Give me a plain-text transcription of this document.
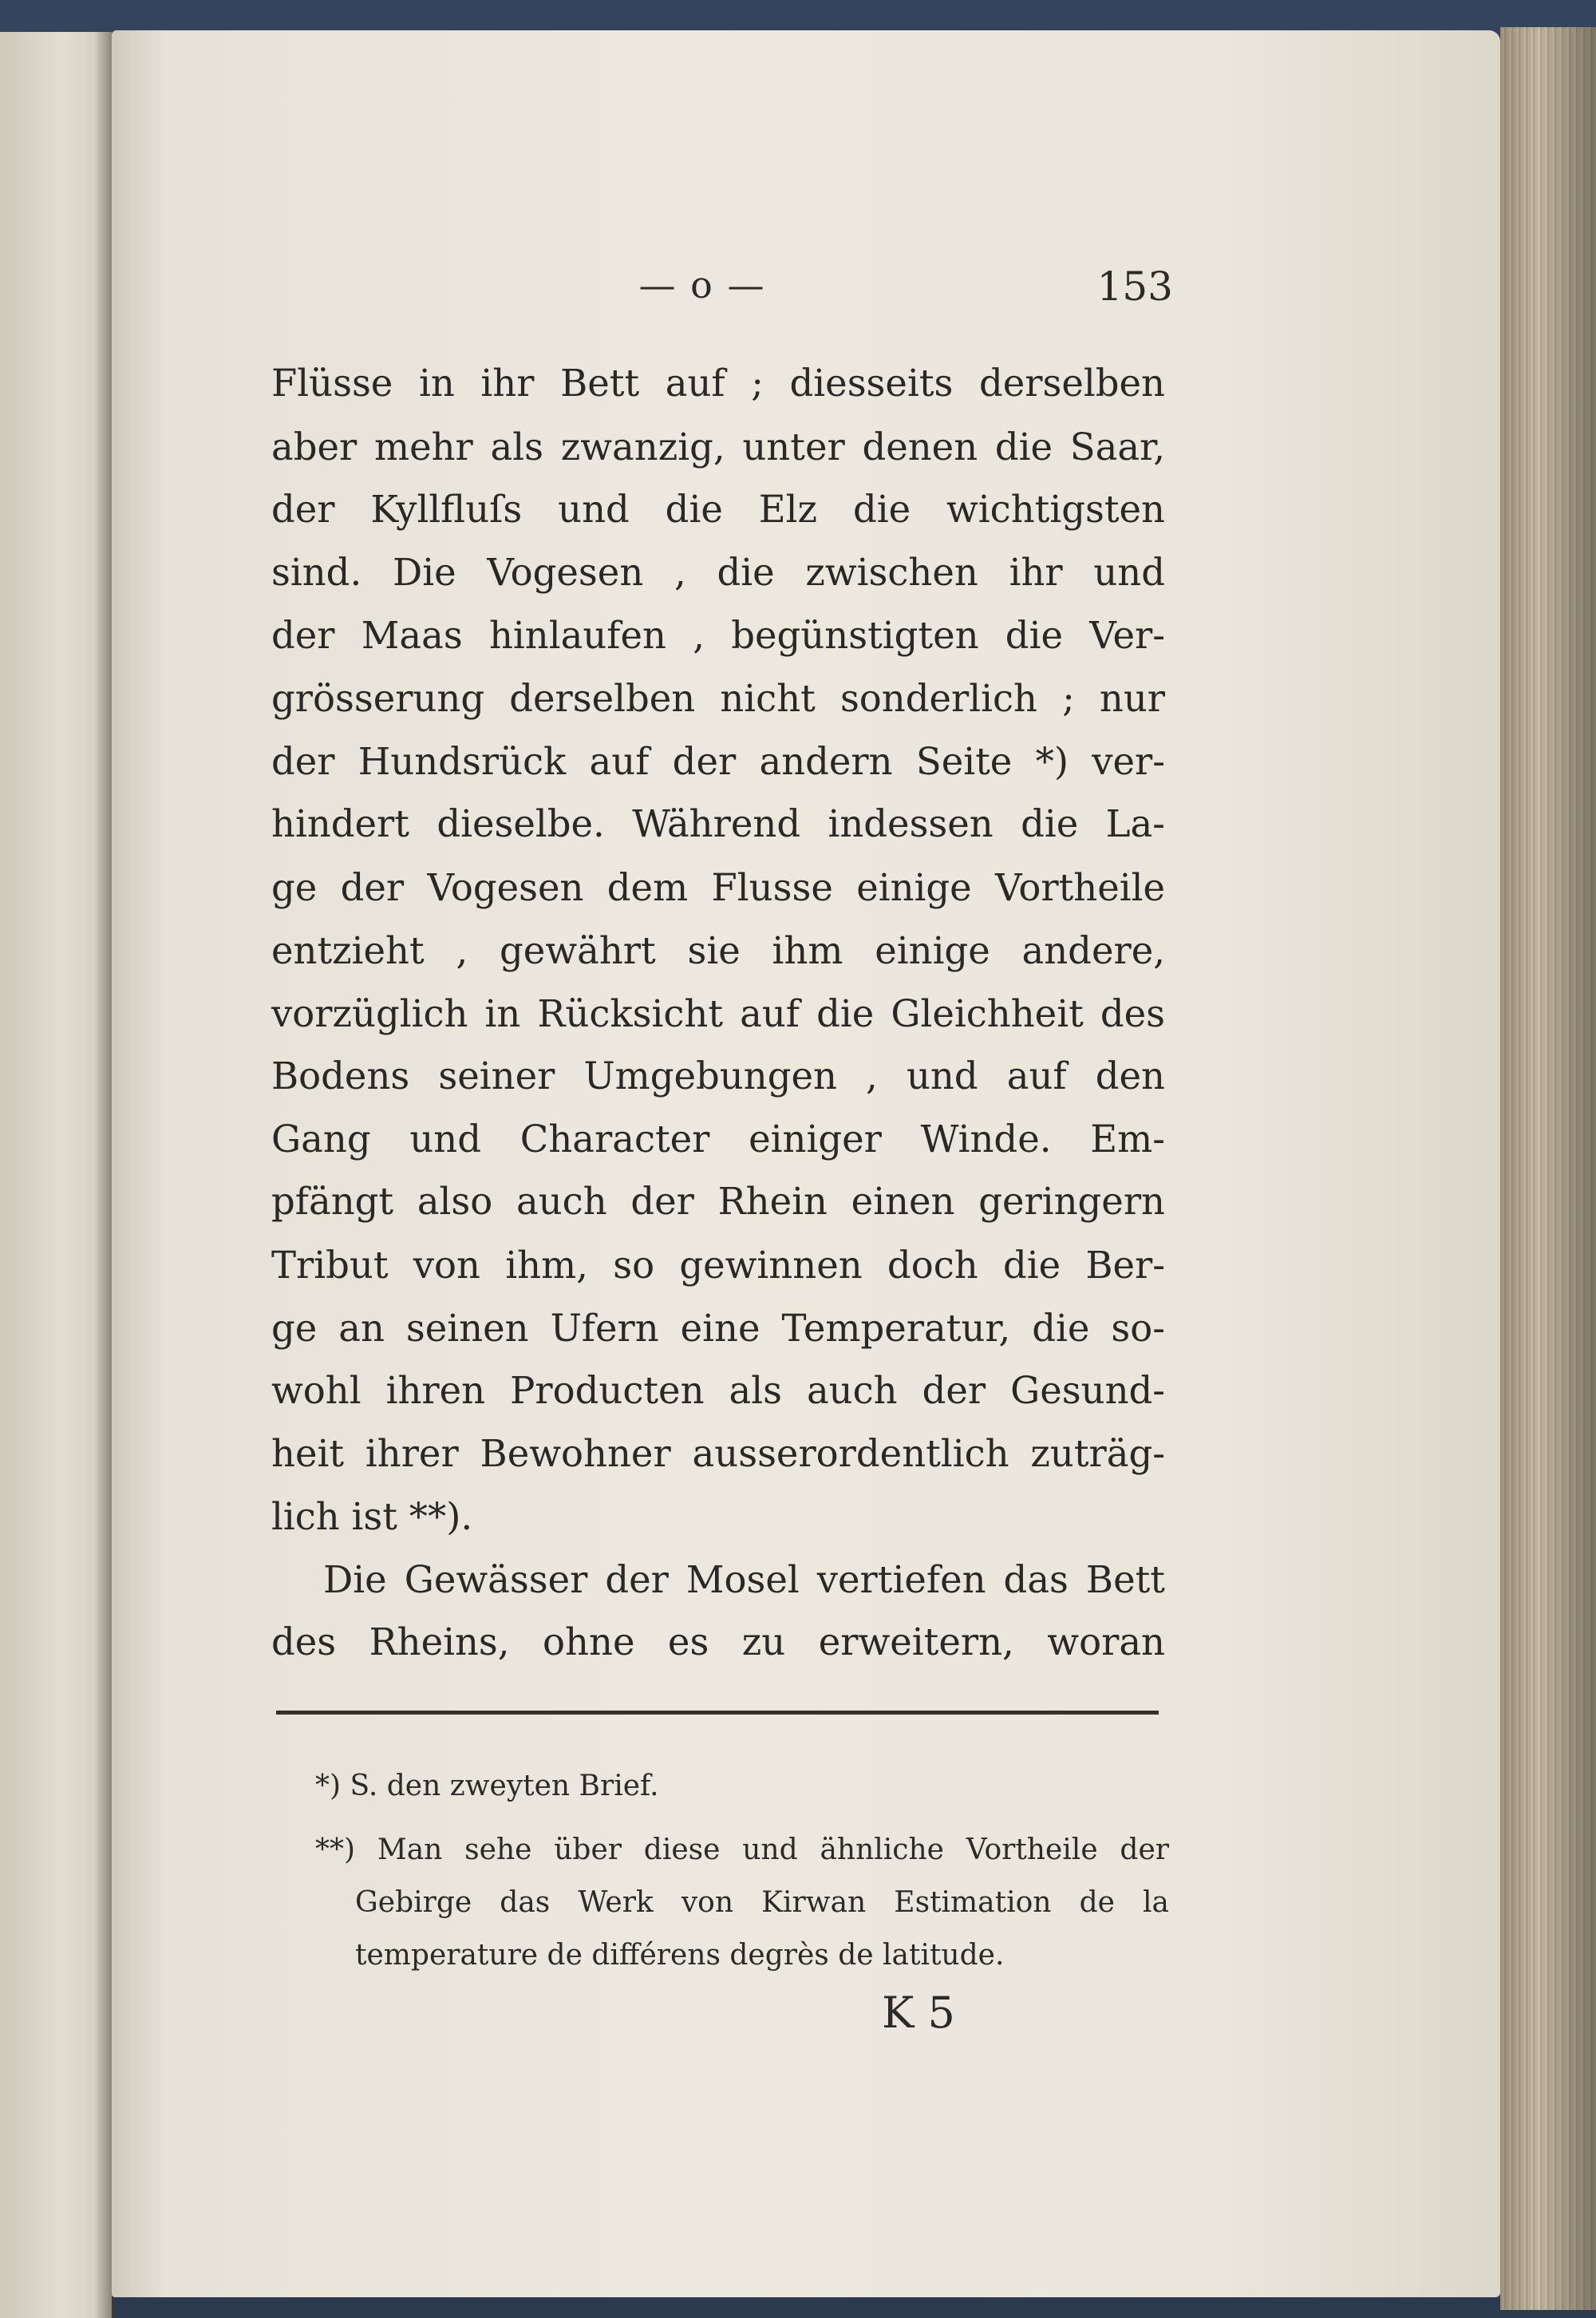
— o —	153
Flüsse in ihr Bett auf ; diesseits derselben
aber mehr als zwanzig, unter denen die Saar,
der Kyllfluſs und die Elz die wichtigsten
sind. Die Vogesen , die zwischen ihr und
der Maas hinlaufen , begünstigten die Ver-
grösserung derselben nicht sonderlich ; nur
der Hundsrück auf der andern Seite *) ver-
hindert dieselbe. Während indessen die La-
ge der Vogesen dem Flusse einige Vortheile
entzieht , gewährt sie ihm einige andere,
vorzüglich in Rücksicht auf die Gleichheit des
Bodens seiner Umgebungen , und auf den
Gang und Character einiger Winde. Em-
pfängt also auch der Rhein einen geringern
Tribut von ihm, so gewinnen doch die Ber-
ge an seinen Ufern eine Temperatur, die so-
wohl ihren Producten als auch der Gesund-
heit ihrer Bewohner ausserordentlich zuträg-
lich ist **).
Die Gewässer der Mosel vertiefen das Bett
des Rheins, ohne es zu erweitern, woran
*) S. den zweyten Brief.
**) Man sehe über diese und ähnliche Vortheile der
Gebirge das Werk von Kirwan Estimation de la
temperature de différens degrès de latitude.
K 5
